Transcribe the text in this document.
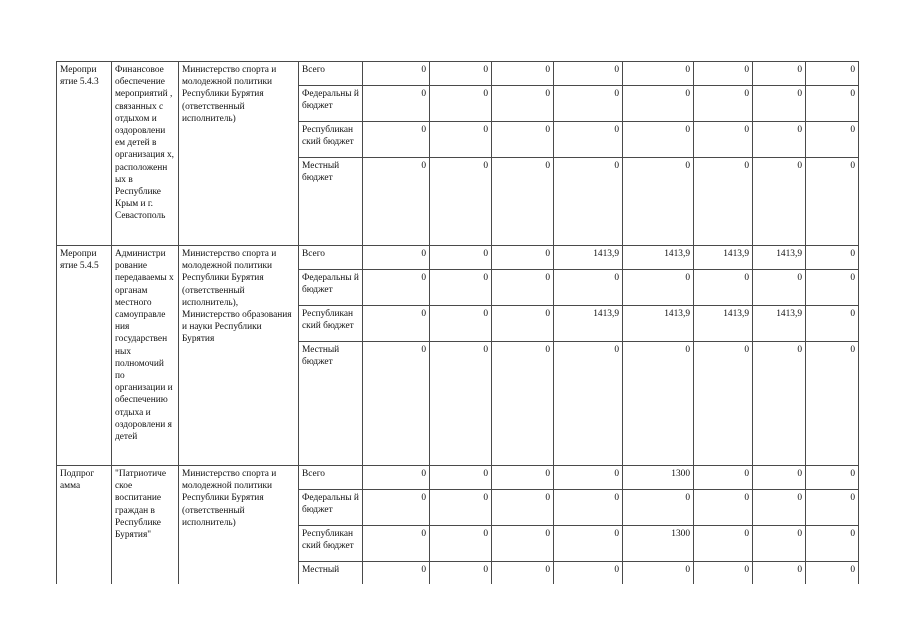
Меропри ятие 5.4.3	Финансовое обеспечение мероприятий , связанных с отдыхом и оздоровлени ем детей в организация х, расположенн ых в Республике Крым и г. Севастополь	Министерство спорта и молодежной политики Республики Бурятия (ответственный исполнитель)	Всего	0	0	0	0	0	0	0	0
			Федеральны й бюджет	0	0	0	0	0	0	0	0
			Республикан ский бюджет	0	0	0	0	0	0	0	0
			Местный бюджет	0	0	0	0	0	0	0	0
Меропри ятие 5.4.5	Администри рование передаваемы х органам местного самоуправле ния государствен ных полномочий по организации и обеспечению отдыха и оздоровлени я детей	Министерство спорта и молодежной политики Республики Бурятия (ответственный исполнитель), Министерство образования и науки Республики Бурятия	Всего	0	0	0	1413,9	1413,9	1413,9	1413,9	0
			Федеральны й бюджет	0	0	0	0	0	0	0	0
			Республикан ский бюджет	0	0	0	1413,9	1413,9	1413,9	1413,9	0
			Местный бюджет	0	0	0	0	0	0	0	0
Подпрог амма	"Патриотиче ское воспитание граждан в Республике Бурятия"	Министерство спорта и молодежной политики Республики Бурятия (ответственный исполнитель)	Всего	0	0	0	0	1300	0	0	0
			Федеральны й бюджет	0	0	0	0	0	0	0	0
			Республикан ский бюджет	0	0	0	0	1300	0	0	0
			Местный	0	0	0	0	0	0	0	0
